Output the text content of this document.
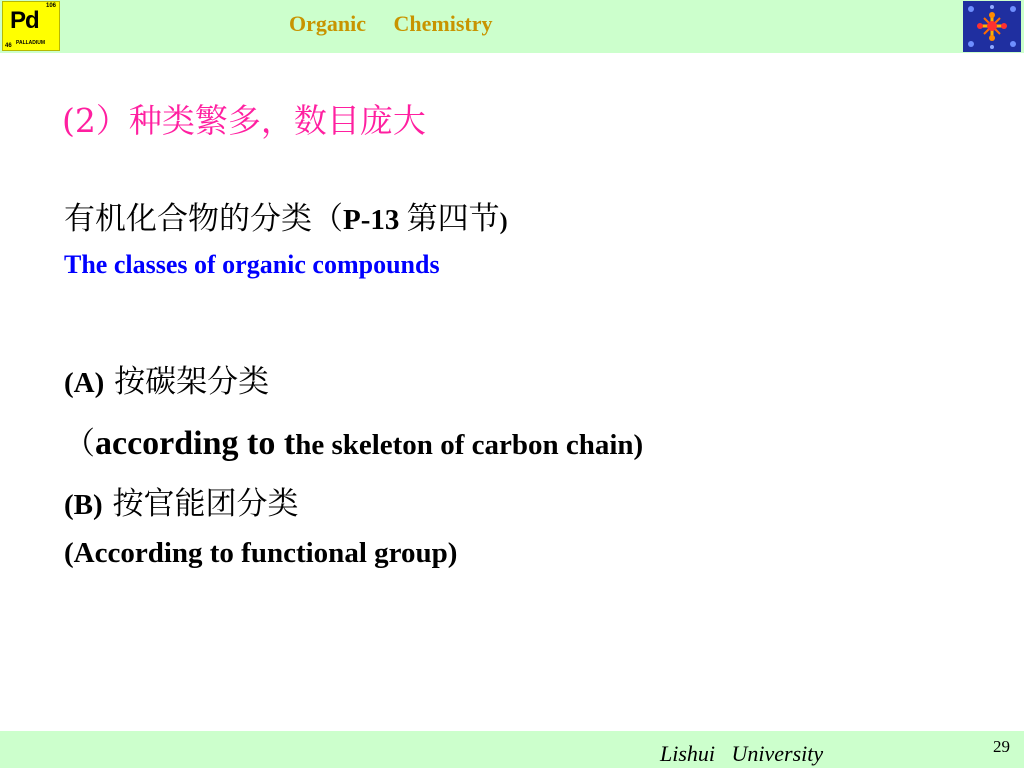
106
Pd
PALLADIUM
46
Organic     Chemistry
(2）种类繁多，数目庞大
有机化合物的分类（P-13 第四节)
The classes of organic compounds
(A) 按碳架分类
（according to the skeleton of carbon chain)
(B) 按官能团分类
(According to functional group)
Lishui   University	29
